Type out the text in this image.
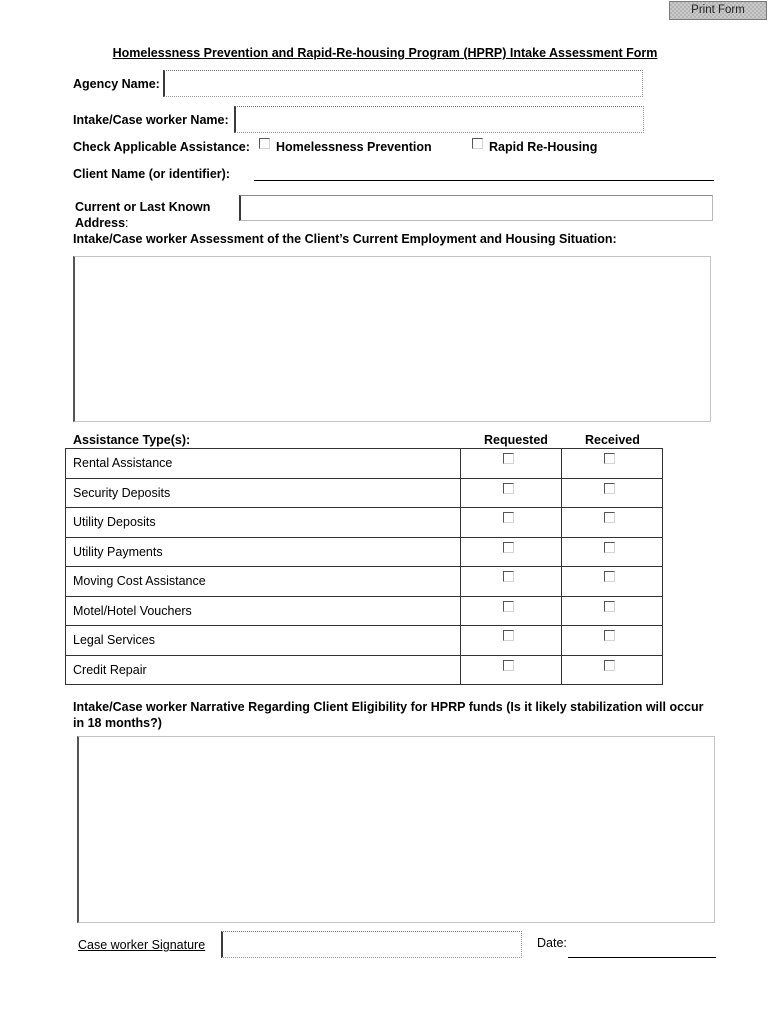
Print Form
Homelessness Prevention and Rapid-Re-housing Program (HPRP) Intake Assessment Form
Agency Name:
Intake/Case worker Name:
Check Applicable Assistance: Homelessness Prevention	Rapid Re-Housing
Client Name (or identifier):
Current or Last Known
Address:
Intake/Case worker Assessment of the Client’s Current Employment and Housing Situation:
Assistance Type(s):	Requested	Received
Rental Assistance	

Security Deposits	

Utility Deposits	

Utility Payments	

Moving Cost Assistance	

Motel/Hotel Vouchers	

Legal Services	

Credit Repair	

Intake/Case worker Narrative Regarding Client Eligibility for HPRP funds (Is it likely stabilization will occur
in 18 months?)
Case worker Signature	Date:
